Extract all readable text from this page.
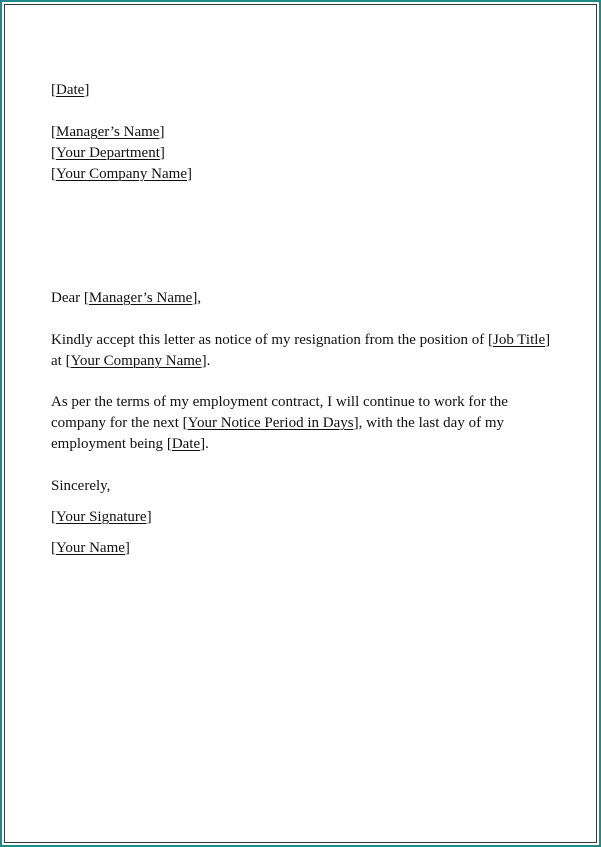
[Date]
[Manager’s Name]
[Your Department]
[Your Company Name]
Dear [Manager’s Name],
Kindly accept this letter as notice of my resignation from the position of [Job Title]
at [Your Company Name].
As per the terms of my employment contract, I will continue to work for the
company for the next [Your Notice Period in Days], with the last day of my
employment being [Date].
Sincerely,
[Your Signature]
[Your Name]
